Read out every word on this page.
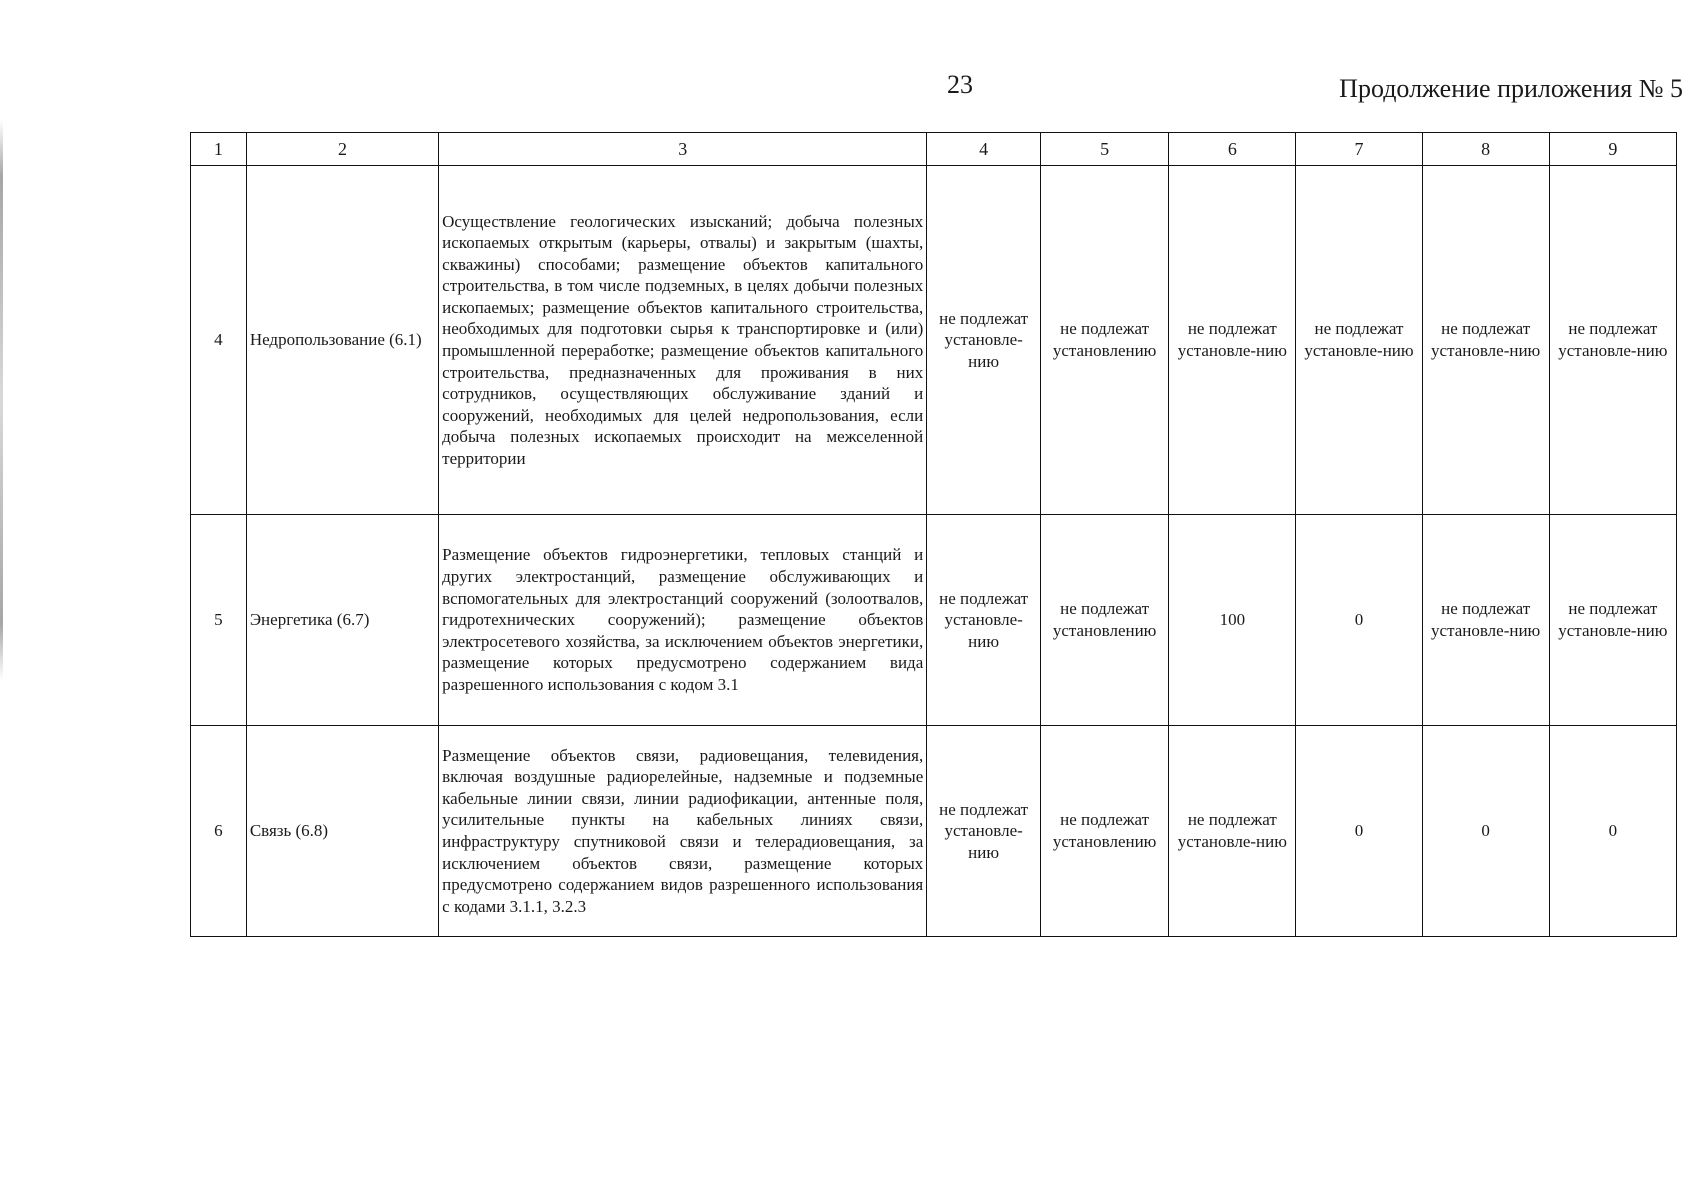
23	Продолжение приложения № 5
1	2	3	4	5	6	7	8	9
4	Недропользование (6.1)	Осуществление геологических изысканий; добыча полезных ископаемых открытым (карьеры, отвалы) и закрытым (шахты, скважины) способами; размещение объектов капитального строительства, в том числе подземных, в целях добычи полезных ископаемых; размещение объектов капитального строительства, необходимых для подготовки сырья к транспортировке и (или) промышленной переработке; размещение объектов капитального строительства, предназначенных для проживания в них сотрудников, осуществляющих обслуживание зданий и сооружений, необходимых для целей недропользования, если добыча полезных ископаемых происходит на межселенной территории	не подлежат установле-нию	не подлежат установлению	не подлежат установле-нию	не подлежат установле-нию	не подлежат установле-нию	не подлежат установле-нию
5	Энергетика (6.7)	Размещение объектов гидроэнергетики, тепловых станций и других электростанций, размещение обслуживающих и вспомогательных для электростанций сооружений (золоотвалов, гидротехнических сооружений); размещение объектов электросетевого хозяйства, за исключением объектов энергетики, размещение которых предусмотрено содержанием вида разрешенного использования с кодом 3.1	не подлежат установле-нию	не подлежат установлению	100	0	не подлежат установле-нию	не подлежат установле-нию
6	Связь (6.8)	Размещение объектов связи, радиовещания, телевидения, включая воздушные радиорелейные, надземные и подземные кабельные линии связи, линии радиофикации, антенные поля, усилительные пункты на кабельных линиях связи, инфраструктуру спутниковой связи и телерадиовещания, за исключением объектов связи, размещение которых предусмотрено содержанием видов разрешенного использования с кодами 3.1.1, 3.2.3	не подлежат установле-нию	не подлежат установлению	не подлежат установле-нию	0	0	0
